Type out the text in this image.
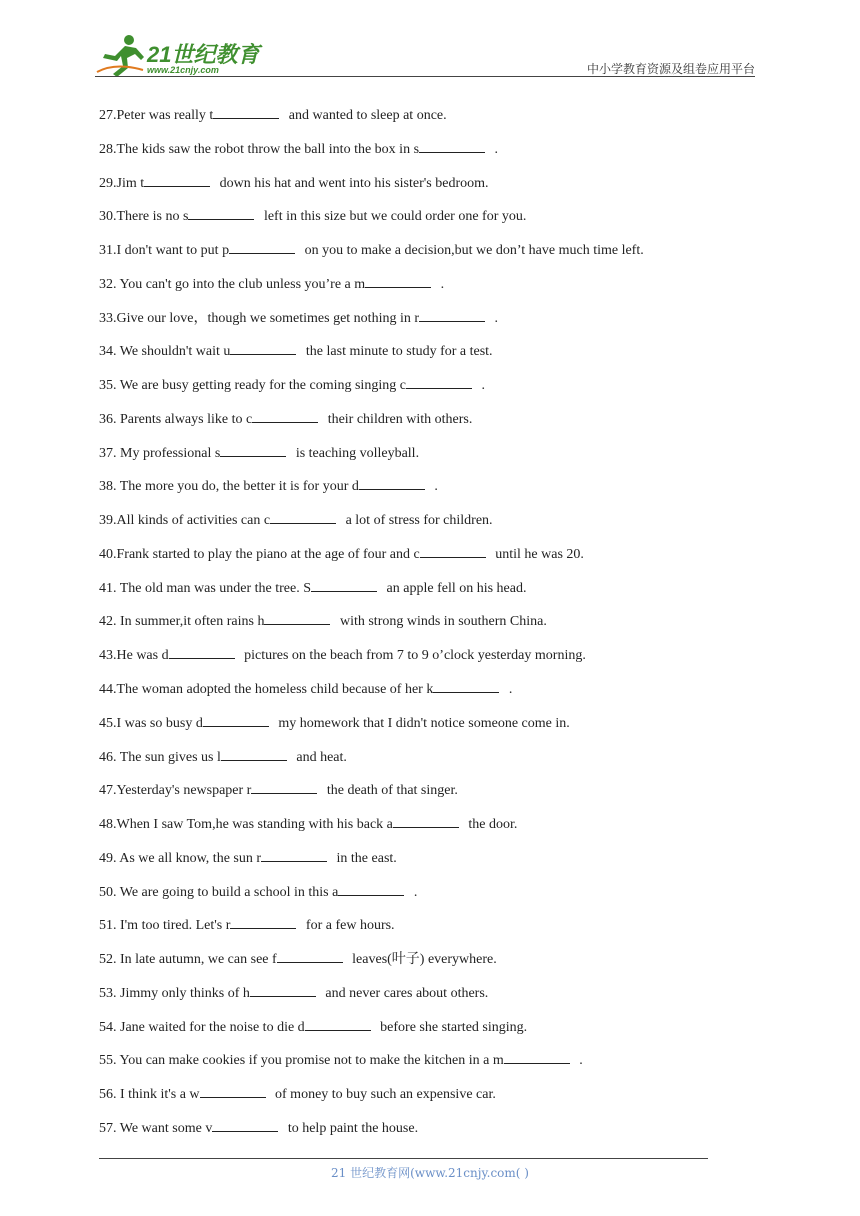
21世纪教育
www.21cnjy.com	中小学教育资源及组卷应用平台
27.Peter was really t	and wanted to sleep at once.
28.The kids saw the robot throw the ball into the box in s	.
29.Jim t	down his hat and went into his sister's bedroom.
30.There is no s	left in this size but we could order one for you.
31.I don't want to put p	on you to make a decision,but we don’t have much time left.
32. You can't go into the club unless you’re a m	.
33.Give our love，though we sometimes get nothing in r	.
34. We shouldn't wait u	the last minute to study for a test.
35. We are busy getting ready for the coming singing c	.
36. Parents always like to c	their children with others.
37. My professional s	is teaching volleyball.
38. The more you do, the better it is for your d	.
39.All kinds of activities can c	a lot of stress for children.
40.Frank started to play the piano at the age of four and c	until he was 20.
41. The old man was under the tree. S	an apple fell on his head.
42. In summer,it often rains h	with strong winds in southern China.
43.He was d	pictures on the beach from 7 to 9 o’clock yesterday morning.
44.The woman adopted the homeless child because of her k	.
45.I was so busy d	my homework that I didn't notice someone come in.
46. The sun gives us l	and heat.
47.Yesterday's newspaper r	the death of that singer.
48.When I saw Tom,he was standing with his back a	the door.
49. As we all know, the sun r	in the east.
50. We are going to build a school in this a	.
51. I'm too tired. Let's r	for a few hours.
52. In late autumn, we can see f	leaves(叶子) everywhere.
53. Jimmy only thinks of h	and never cares about others.
54. Jane waited for the noise to die d	before she started singing.
55. You can make cookies if you promise not to make the kitchen in a m	.
56. I think it's a w	of money to buy such an expensive car.
57. We want some v	to help paint the house.
21 世纪教育网(www.21cnjy.com( )
